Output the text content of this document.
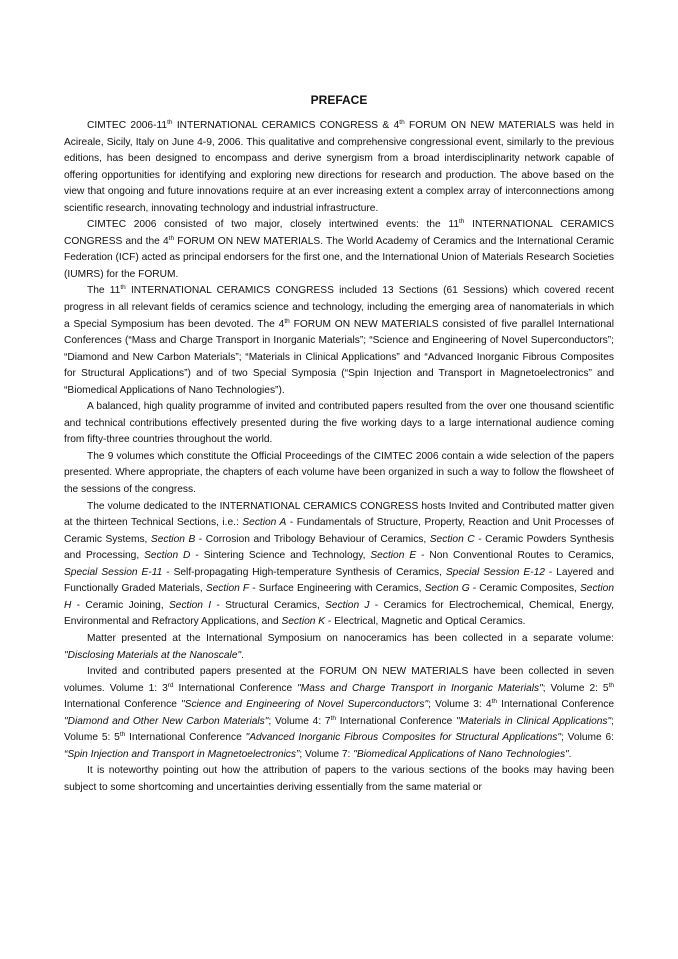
PREFACE

CIMTEC 2006-11th INTERNATIONAL CERAMICS CONGRESS & 4th FORUM ON NEW MATERIALS was held in Acireale, Sicily, Italy on June 4-9, 2006. This qualitative and comprehensive congressional event, similarly to the previous editions, has been designed to encompass and derive synergism from a broad interdisciplinarity network capable of offering opportunities for identifying and exploring new directions for research and production. The above based on the view that ongoing and future innovations require at an ever increasing extent a complex array of interconnections among scientific research, innovating technology and industrial infrastructure.

CIMTEC 2006 consisted of two major, closely intertwined events: the 11th INTERNATIONAL CERAMICS CONGRESS and the 4th FORUM ON NEW MATERIALS. The World Academy of Ceramics and the International Ceramic Federation (ICF) acted as principal endorsers for the first one, and the International Union of Materials Research Societies (IUMRS) for the FORUM.

The 11th INTERNATIONAL CERAMICS CONGRESS included 13 Sections (61 Sessions) which covered recent progress in all relevant fields of ceramics science and technology, including the emerging area of nanomaterials in which a Special Symposium has been devoted. The 4th FORUM ON NEW MATERIALS consisted of five parallel International Conferences (“Mass and Charge Transport in Inorganic Materials”; “Science and Engineering of Novel Superconductors”; “Diamond and New Carbon Materials”; “Materials in Clinical Applications” and “Advanced Inorganic Fibrous Composites for Structural Applications”) and of two Special Symposia (“Spin Injection and Transport in Magnetoelectronics” and “Biomedical Applications of Nano Technologies”).

A balanced, high quality programme of invited and contributed papers resulted from the over one thousand scientific and technical contributions effectively presented during the five working days to a large international audience coming from fifty-three countries throughout the world.

The 9 volumes which constitute the Official Proceedings of the CIMTEC 2006 contain a wide selection of the papers presented. Where appropriate, the chapters of each volume have been organized in such a way to follow the flowsheet of the sessions of the congress.

The volume dedicated to the INTERNATIONAL CERAMICS CONGRESS hosts Invited and Contributed matter given at the thirteen Technical Sections, i.e.: Section A - Fundamentals of Structure, Property, Reaction and Unit Processes of Ceramic Systems, Section B - Corrosion and Tribology Behaviour of Ceramics, Section C - Ceramic Powders Synthesis and Processing, Section D - Sintering Science and Technology, Section E - Non Conventional Routes to Ceramics, Special Session E-11 - Self-propagating High-temperature Synthesis of Ceramics, Special Session E-12 - Layered and Functionally Graded Materials, Section F - Surface Engineering with Ceramics, Section G - Ceramic Composites, Section H - Ceramic Joining, Section I - Structural Ceramics, Section J - Ceramics for Electrochemical, Chemical, Energy, Environmental and Refractory Applications, and Section K - Electrical, Magnetic and Optical Ceramics.

Matter presented at the International Symposium on nanoceramics has been collected in a separate volume: "Disclosing Materials at the Nanoscale".

Invited and contributed papers presented at the FORUM ON NEW MATERIALS have been collected in seven volumes. Volume 1: 3rd International Conference "Mass and Charge Transport in Inorganic Materials"; Volume 2: 5th International Conference "Science and Engineering of Novel Superconductors"; Volume 3: 4th International Conference "Diamond and Other New Carbon Materials"; Volume 4: 7th International Conference "Materials in Clinical Applications"; Volume 5: 5th International Conference "Advanced Inorganic Fibrous Composites for Structural Applications"; Volume 6: “Spin Injection and Transport in Magnetoelectronics”; Volume 7: "Biomedical Applications of Nano Technologies".

It is noteworthy pointing out how the attribution of papers to the various sections of the books may having been subject to some shortcoming and uncertainties deriving essentially from the same material or
